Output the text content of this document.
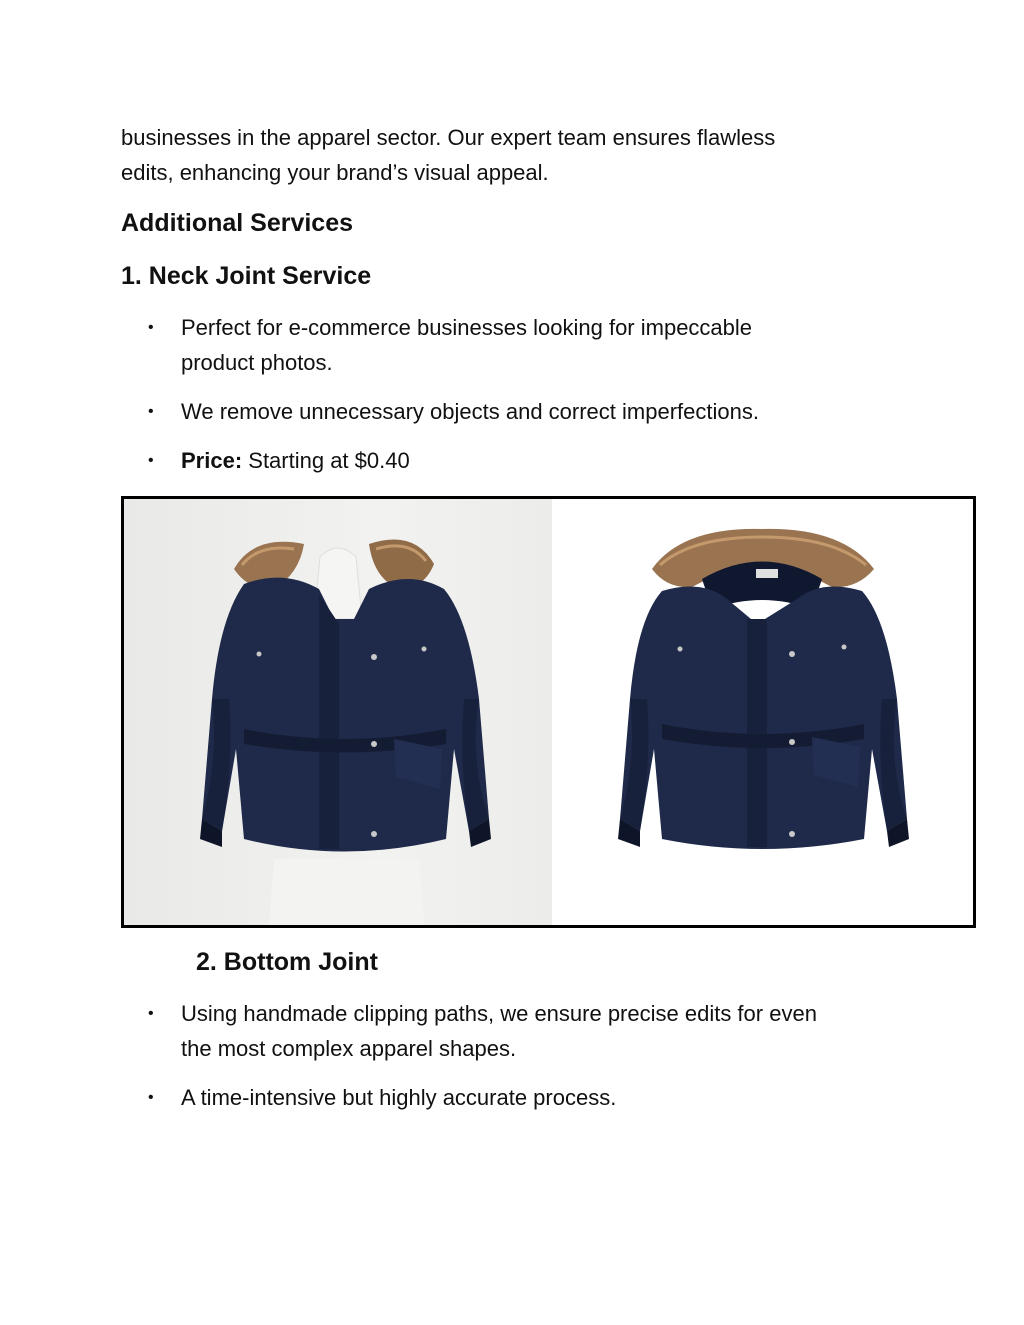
businesses in the apparel sector. Our expert team ensures flawless
edits, enhancing your brand’s visual appeal.

Additional Services
1. Neck Joint Service
•	Perfect for e-commerce businesses looking for impeccable
product photos.
•	We remove unnecessary objects and correct imperfections.
•	Price: Starting at $0.40
2. Bottom Joint
•	Using handmade clipping paths, we ensure precise edits for even
the most complex apparel shapes.
•	A time-intensive but highly accurate process.
